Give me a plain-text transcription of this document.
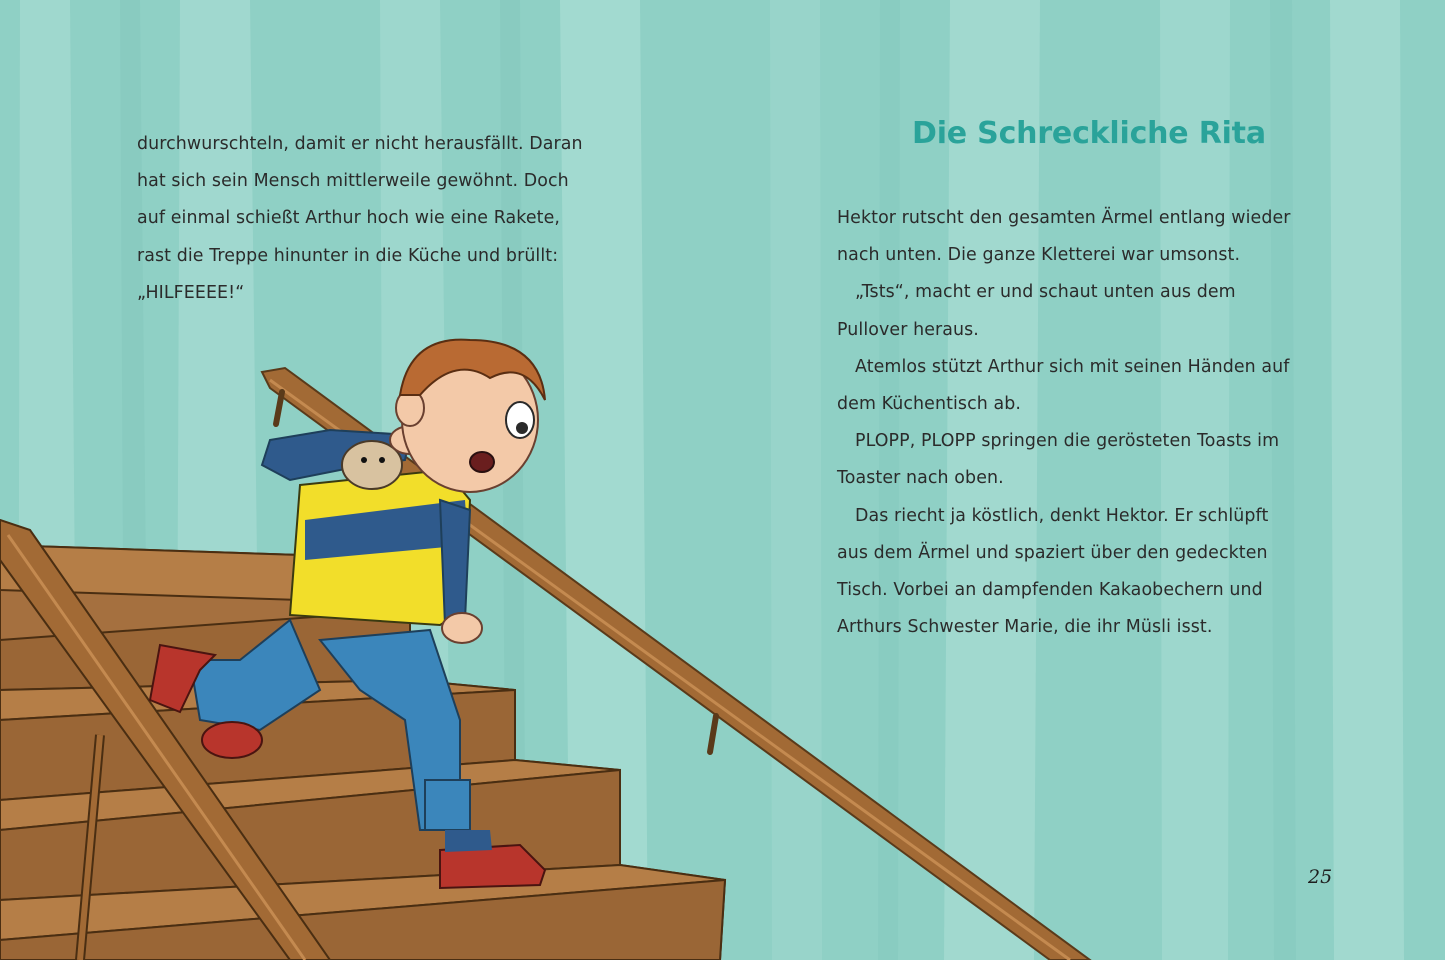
durchwurschteln, damit er nicht herausfällt. Daran
hat sich sein Mensch mittlerweile gewöhnt. Doch
auf einmal schießt Arthur hoch wie eine Rakete,
rast die Treppe hinunter in die Küche und brüllt:
„HILFEEEE!“
Die Schreckliche Rita
Hektor rutscht den gesamten Ärmel entlang wieder
nach unten. Die ganze Kletterei war umsonst.
„Tsts“, macht er und schaut unten aus dem
Pullover heraus.
Atemlos stützt Arthur sich mit seinen Händen auf
dem Küchentisch ab.
PLOPP, PLOPP springen die gerösteten Toasts im
Toaster nach oben.
Das riecht ja köstlich, denkt Hektor. Er schlüpft
aus dem Ärmel und spaziert über den gedeckten
Tisch. Vorbei an dampfenden Kakaobechern und
Arthurs Schwester Marie, die ihr Müsli isst.
25
